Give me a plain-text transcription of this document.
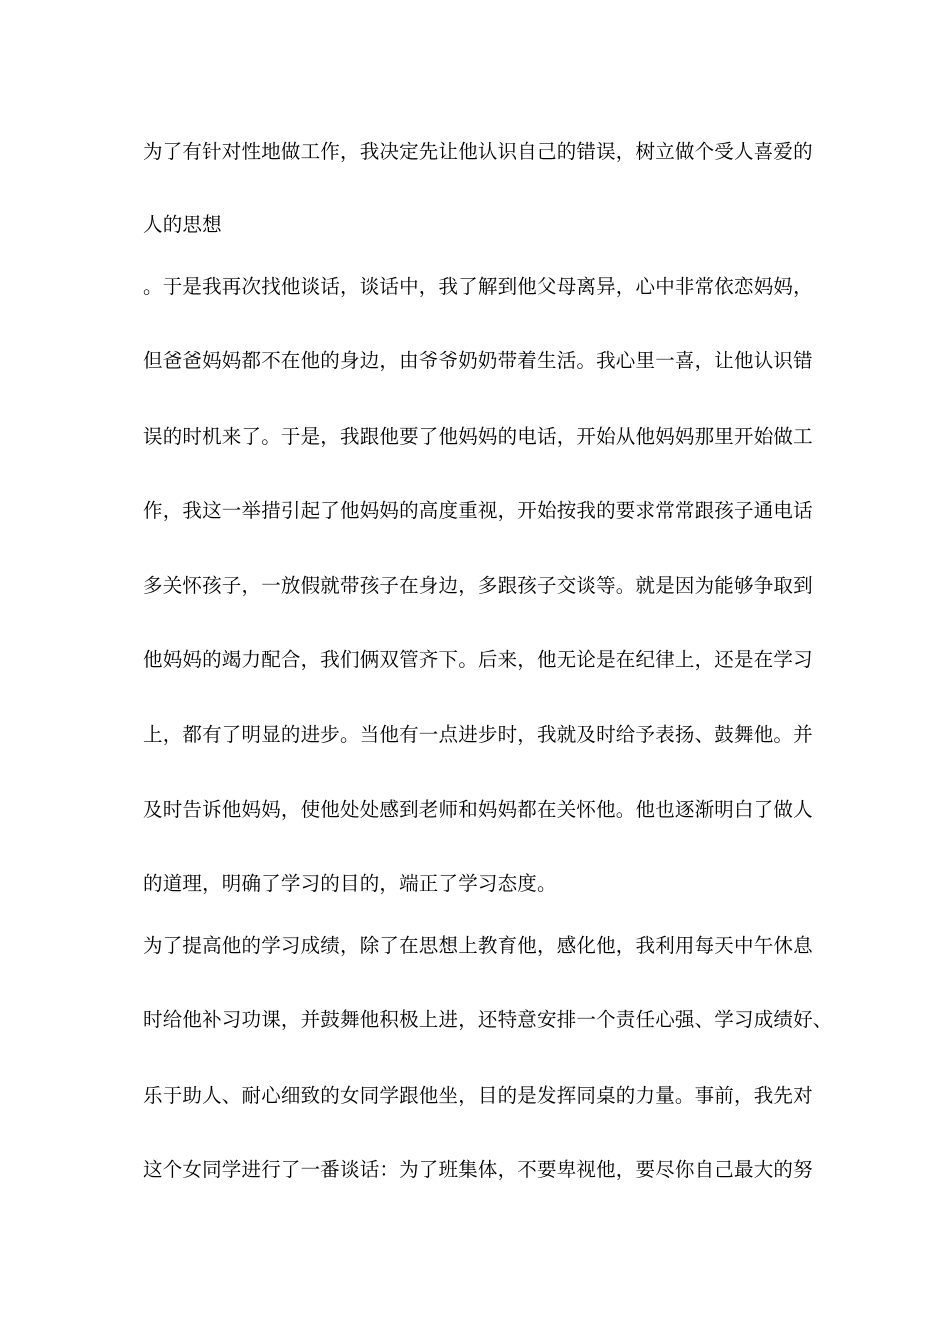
为了有针对性地做工作，我决定先让他认识自己的错误，树立做个受人喜爱的
人的思想
。于是我再次找他谈话，谈话中，我了解到他父母离异，心中非常依恋妈妈，
但爸爸妈妈都不在他的身边，由爷爷奶奶带着生活。我心里一喜，让他认识错
误的时机来了。于是，我跟他要了他妈妈的电话，开始从他妈妈那里开始做工
作，我这一举措引起了他妈妈的高度重视，开始按我的要求常常跟孩子通电话
多关怀孩子，一放假就带孩子在身边，多跟孩子交谈等。就是因为能够争取到
他妈妈的竭力配合，我们俩双管齐下。后来，他无论是在纪律上，还是在学习
上，都有了明显的进步。当他有一点进步时，我就及时给予表扬、鼓舞他。并
及时告诉他妈妈，使他处处感到老师和妈妈都在关怀他。他也逐渐明白了做人
的道理，明确了学习的目的，端正了学习态度。
为了提高他的学习成绩，除了在思想上教育他，感化他，我利用每天中午休息
时给他补习功课，并鼓舞他积极上进，还特意安排一个责任心强、学习成绩好、
乐于助人、耐心细致的女同学跟他坐，目的是发挥同桌的力量。事前，我先对
这个女同学进行了一番谈话：为了班集体，不要卑视他，要尽你自己最大的努
